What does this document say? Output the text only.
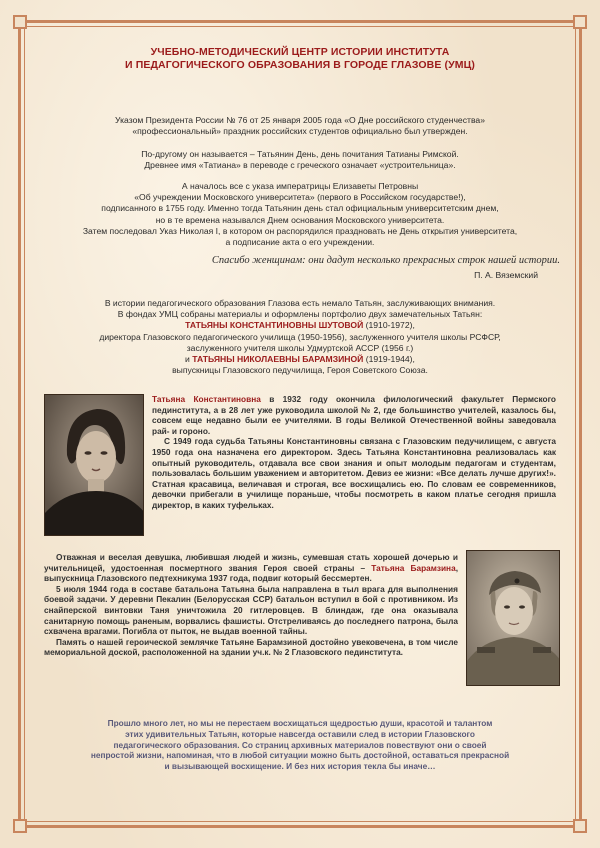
УЧЕБНО-МЕТОДИЧЕСКИЙ ЦЕНТР ИСТОРИИ ИНСТИТУТА
И ПЕДАГОГИЧЕСКОГО ОБРАЗОВАНИЯ В ГОРОДЕ ГЛАЗОВЕ (УМЦ)
Указом Президента России № 76 от 25 января 2005 года «О Дне российского студенчества»
«профессиональный» праздник российских студентов официально был утвержден.
По-другому он называется – Татьянин День, день почитания Татианы Римской.
Древнее имя «Татиана» в переводе с греческого означает «устроительница».
А началось все с указа императрицы Елизаветы Петровны
«Об учреждении Московского университета» (первого в Российском государстве!),
подписанного в 1755 году. Именно тогда Татьянин день стал официальным университетским днем,
но в те времена назывался Днем основания Московского университета.
Затем последовал Указ Николая I, в котором он распорядился праздновать не День открытия университета,
а подписание акта о его учреждении.
Спасибо женщинам: они дадут несколько прекрасных строк нашей истории.
П. А. Вяземский
В истории педагогического образования Глазова есть немало Татьян, заслуживающих внимания.
В фондах УМЦ собраны материалы и оформлены портфолио двух замечательных Татьян:
ТАТЬЯНЫ КОНСТАНТИНОВНЫ ШУТОВОЙ (1910-1972),
директора Глазовского педагогического училища (1950-1956), заслуженного учителя школы РСФСР,
заслуженного учителя школы Удмуртской АССР (1956 г.)
и ТАТЬЯНЫ НИКОЛАЕВНЫ БАРАМЗИНОЙ (1919-1944),
выпускницы Глазовского педучилища, Героя Советского Союза.

Татьяна Константиновна в 1932 году окончила филологический факультет Пермского пединститута, а в 28 лет уже руководила школой № 2, где большинство учителей, казалось бы, совсем еще недавно были ее учителями. В годы Великой Отечественной войны заведовала рай- и гороно.

С 1949 года судьба Татьяны Константиновны связана с Глазовским педучилищем, с августа 1950 года она назначена его директором. Здесь Татьяна Константиновна реализовалась как опытный руководитель, отдавала все свои знания и опыт молодым педагогам и студентам, пользовалась большим уважением и авторитетом. Девиз ее жизни: «Все делать лучше других!». Статная красавица, величавая и строгая, все восхищались ею. По словам ее современников, девочки прибегали в училище пораньше, чтобы посмотреть в каком платье сегодня пришла директор, в каких туфельках.

Отважная и веселая девушка, любившая людей и жизнь, сумевшая стать хорошей дочерью и учительницей, удостоенная посмертного звания Героя своей страны – Татьяна Барамзина, выпускница Глазовского педтехникума 1937 года, подвиг который бессмертен.

5 июля 1944 года в составе батальона Татьяна была направлена в тыл врага для выполнения боевой задачи. У деревни Пекалин (Белорусская ССР) батальон вступил в бой с противником. Из снайперской винтовки Таня уничтожила 20 гитлеровцев. В блиндаж, где она оказывала санитарную помощь раненым, ворвались фашисты. Отстреливаясь до последнего патрона, была схвачена врагами. Погибла от пыток, не выдав военной тайны.

Память о нашей героической землячке Татьяне Барамзиной достойно увековечена, в том числе мемориальной доской, расположенной на здании уч.к. № 2 Глазовского пединститута.

Прошло много лет, но мы не перестаем восхищаться щедростью души, красотой и талантом
этих удивительных Татьян, которые навсегда оставили след в истории Глазовского
педагогического образования. Со страниц архивных материалов повествуют они о своей
непростой жизни, напоминая, что в любой ситуации можно быть достойной, оставаться прекрасной
и вызывающей восхищение. И без них история текла бы иначе…
